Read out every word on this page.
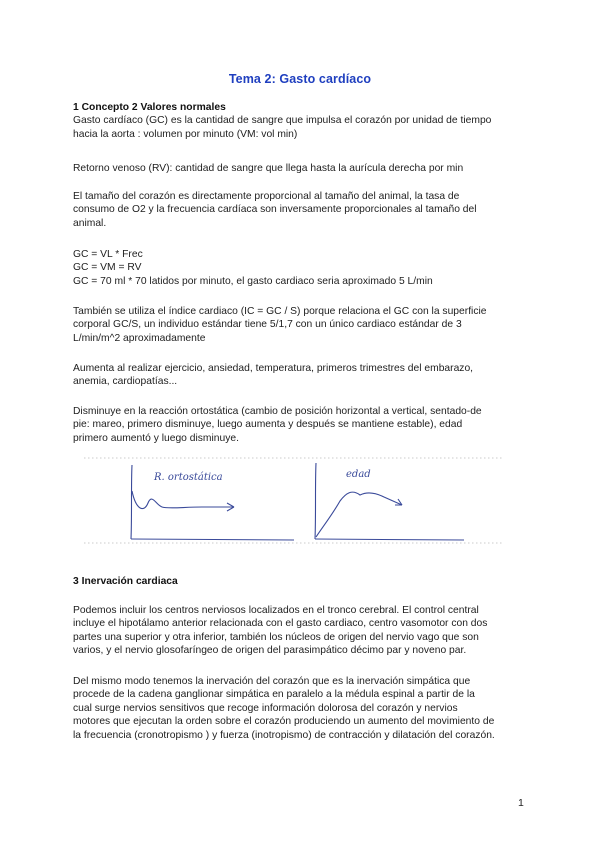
Tema 2: Gasto cardíaco
1 Concepto 2 Valores normales
Gasto cardíaco (GC) es la cantidad de sangre que impulsa el corazón por unidad de tiempo
hacia la aorta : volumen por minuto (VM: vol min)
Retorno venoso (RV): cantidad de sangre que llega hasta la aurícula derecha por min
El tamaño del corazón es directamente proporcional al tamaño del animal, la tasa de
consumo de O2 y la frecuencia cardíaca son inversamente proporcionales al tamaño del
animal.
GC = VL * Frec
GC = VM = RV
GC = 70 ml * 70 latidos por minuto, el gasto cardiaco seria aproximado 5 L/min
También se utiliza el índice cardiaco (IC = GC / S) porque relaciona el GC con la superficie
corporal GC/S, un individuo estándar tiene 5/1,7 con un único cardiaco estándar de 3
L/min/m^2 aproximadamente
Aumenta al realizar ejercicio, ansiedad, temperatura, primeros trimestres del embarazo,
anemia, cardiopatías...
Disminuye en la reacción ortostática (cambio de posición horizontal a vertical, sentado-de
pie: mareo, primero disminuye, luego aumenta y después se mantiene estable), edad
primero aumentó y luego disminuye.
R. ortostática	edad
3 Inervación cardiaca
Podemos incluir los centros nerviosos localizados en el tronco cerebral. El control central
incluye el hipotálamo anterior relacionada con el gasto cardiaco, centro vasomotor con dos
partes una superior y otra inferior, también los núcleos de origen del nervio vago que son
varios, y el nervio glosofaríngeo de origen del parasimpático décimo par y noveno par.
Del mismo modo tenemos la inervación del corazón que es la inervación simpática que
procede de la cadena ganglionar simpática en paralelo a la médula espinal a partir de la
cual surge nervios sensitivos que recoge información dolorosa del corazón y nervios
motores que ejecutan la orden sobre el corazón produciendo un aumento del movimiento de
la frecuencia (cronotropismo ) y fuerza (inotropismo) de contracción y dilatación del corazón.
1
